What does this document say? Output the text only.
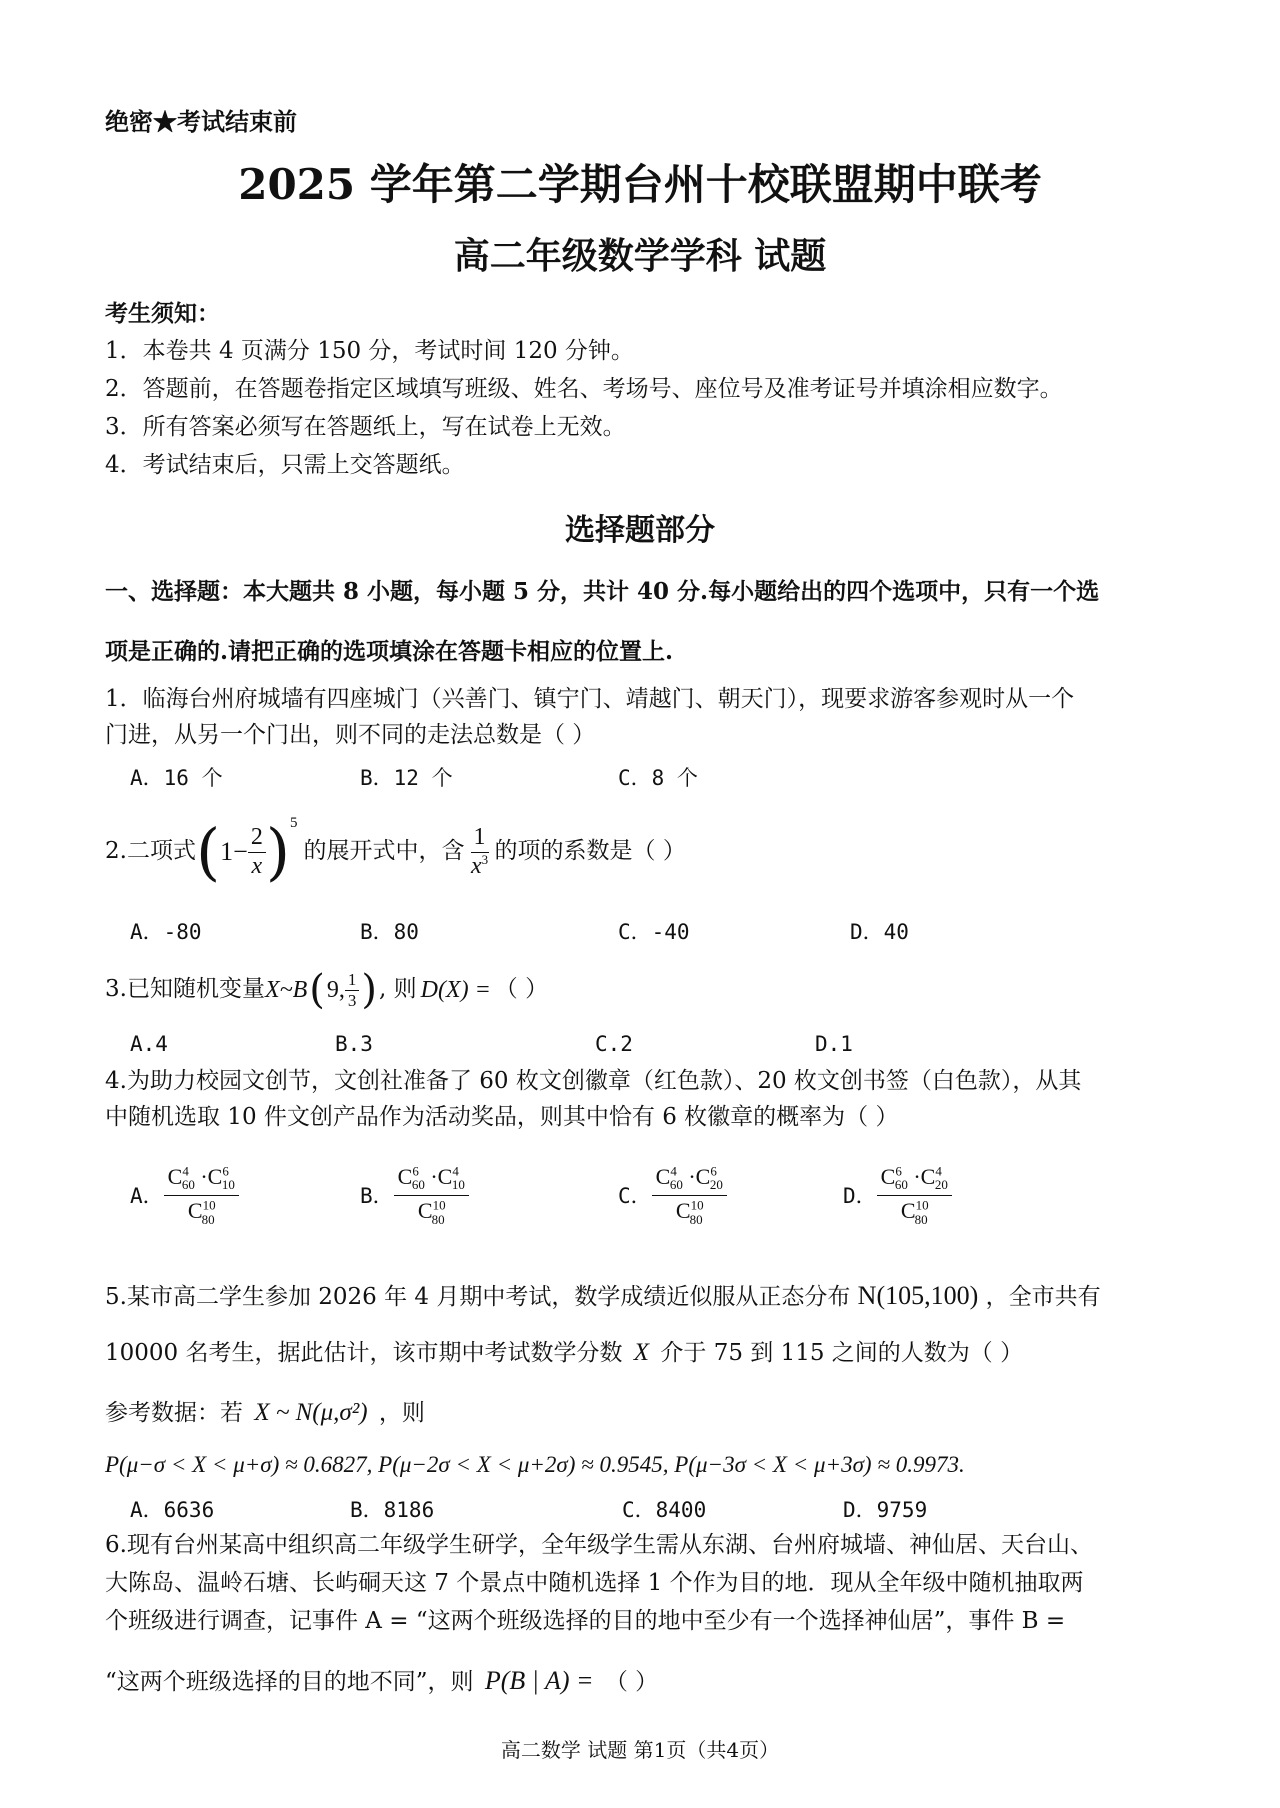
绝密★考试结束前
2025 学年第二学期台州十校联盟期中联考
高二年级数学学科 试题
考生须知：
1．本卷共 4 页满分 150 分，考试时间 120 分钟。
2．答题前，在答题卷指定区域填写班级、姓名、考场号、座位号及准考证号并填涂相应数字。
3．所有答案必须写在答题纸上，写在试卷上无效。
4．考试结束后，只需上交答题纸。
选择题部分
一、选择题：本大题共 8 小题，每小题 5 分，共计 40 分.每小题给出的四个选项中，只有一个选
项是正确的.请把正确的选项填涂在答题卡相应的位置上.
1．临海台州府城墙有四座城门（兴善门、镇宁门、靖越门、朝天门），现要求游客参观时从一个
门进，从另一个门出，则不同的走法总数是（ ）
A．16 个	B．12 个	C．8 个
2.二项式 ( $1- \frac{2}{x}$ ) 5
的展开式中，含 $\frac{1}{x^3}$ 的项的系数是（ ）
A．-80	B．80	C．-40	D．40
3.已知随机变量 X~B ( 9, $\frac{1}{3}$ ) , 则 D(X) = （ ）
A.4	B.3	C.2	D.1
4.为助力校园文创节，文创社准备了 60 枚文创徽章（红色款）、20 枚文创书签（白色款），从其
中随机选取 10 件文创产品作为活动奖品，则其中恰有 6 枚徽章的概率为（ ）
A． $\frac{C^4_{60} \cdot C^6_{10}}{C^{10}_{80}}$	B． $\frac{C^6_{60} \cdot C^4_{10}}{C^{10}_{80}}$	C． $\frac{C^4_{60} \cdot C^6_{20}}{C^{10}_{80}}$	D． $\frac{C^6_{60} \cdot C^4_{20}}{C^{10}_{80}}$
5.某市高二学生参加 2026 年 4 月期中考试，数学成绩近似服从正态分布 N(105,100) ，全市共有
10000 名考生，据此估计，该市期中考试数学分数 X 介于 75 到 115 之间的人数为（ ）
参考数据：若 X ~ N(μ,σ²) ，则
P(μ−σ < X < μ+σ) ≈ 0.6827, P(μ−2σ < X < μ+2σ) ≈ 0.9545, P(μ−3σ < X < μ+3σ) ≈ 0.9973.
A．6636	B．8186	C．8400	D．9759
6.现有台州某高中组织高二年级学生研学，全年级学生需从东湖、台州府城墙、神仙居、天台山、
大陈岛、温岭石塘、长屿硐天这 7 个景点中随机选择 1 个作为目的地．现从全年级中随机抽取两
个班级进行调查，记事件 A = “这两个班级选择的目的地中至少有一个选择神仙居”，事件 B =
“这两个班级选择的目的地不同”，则 P(B | A) = （ ）
高二数学 试题 第1页（共4页）
